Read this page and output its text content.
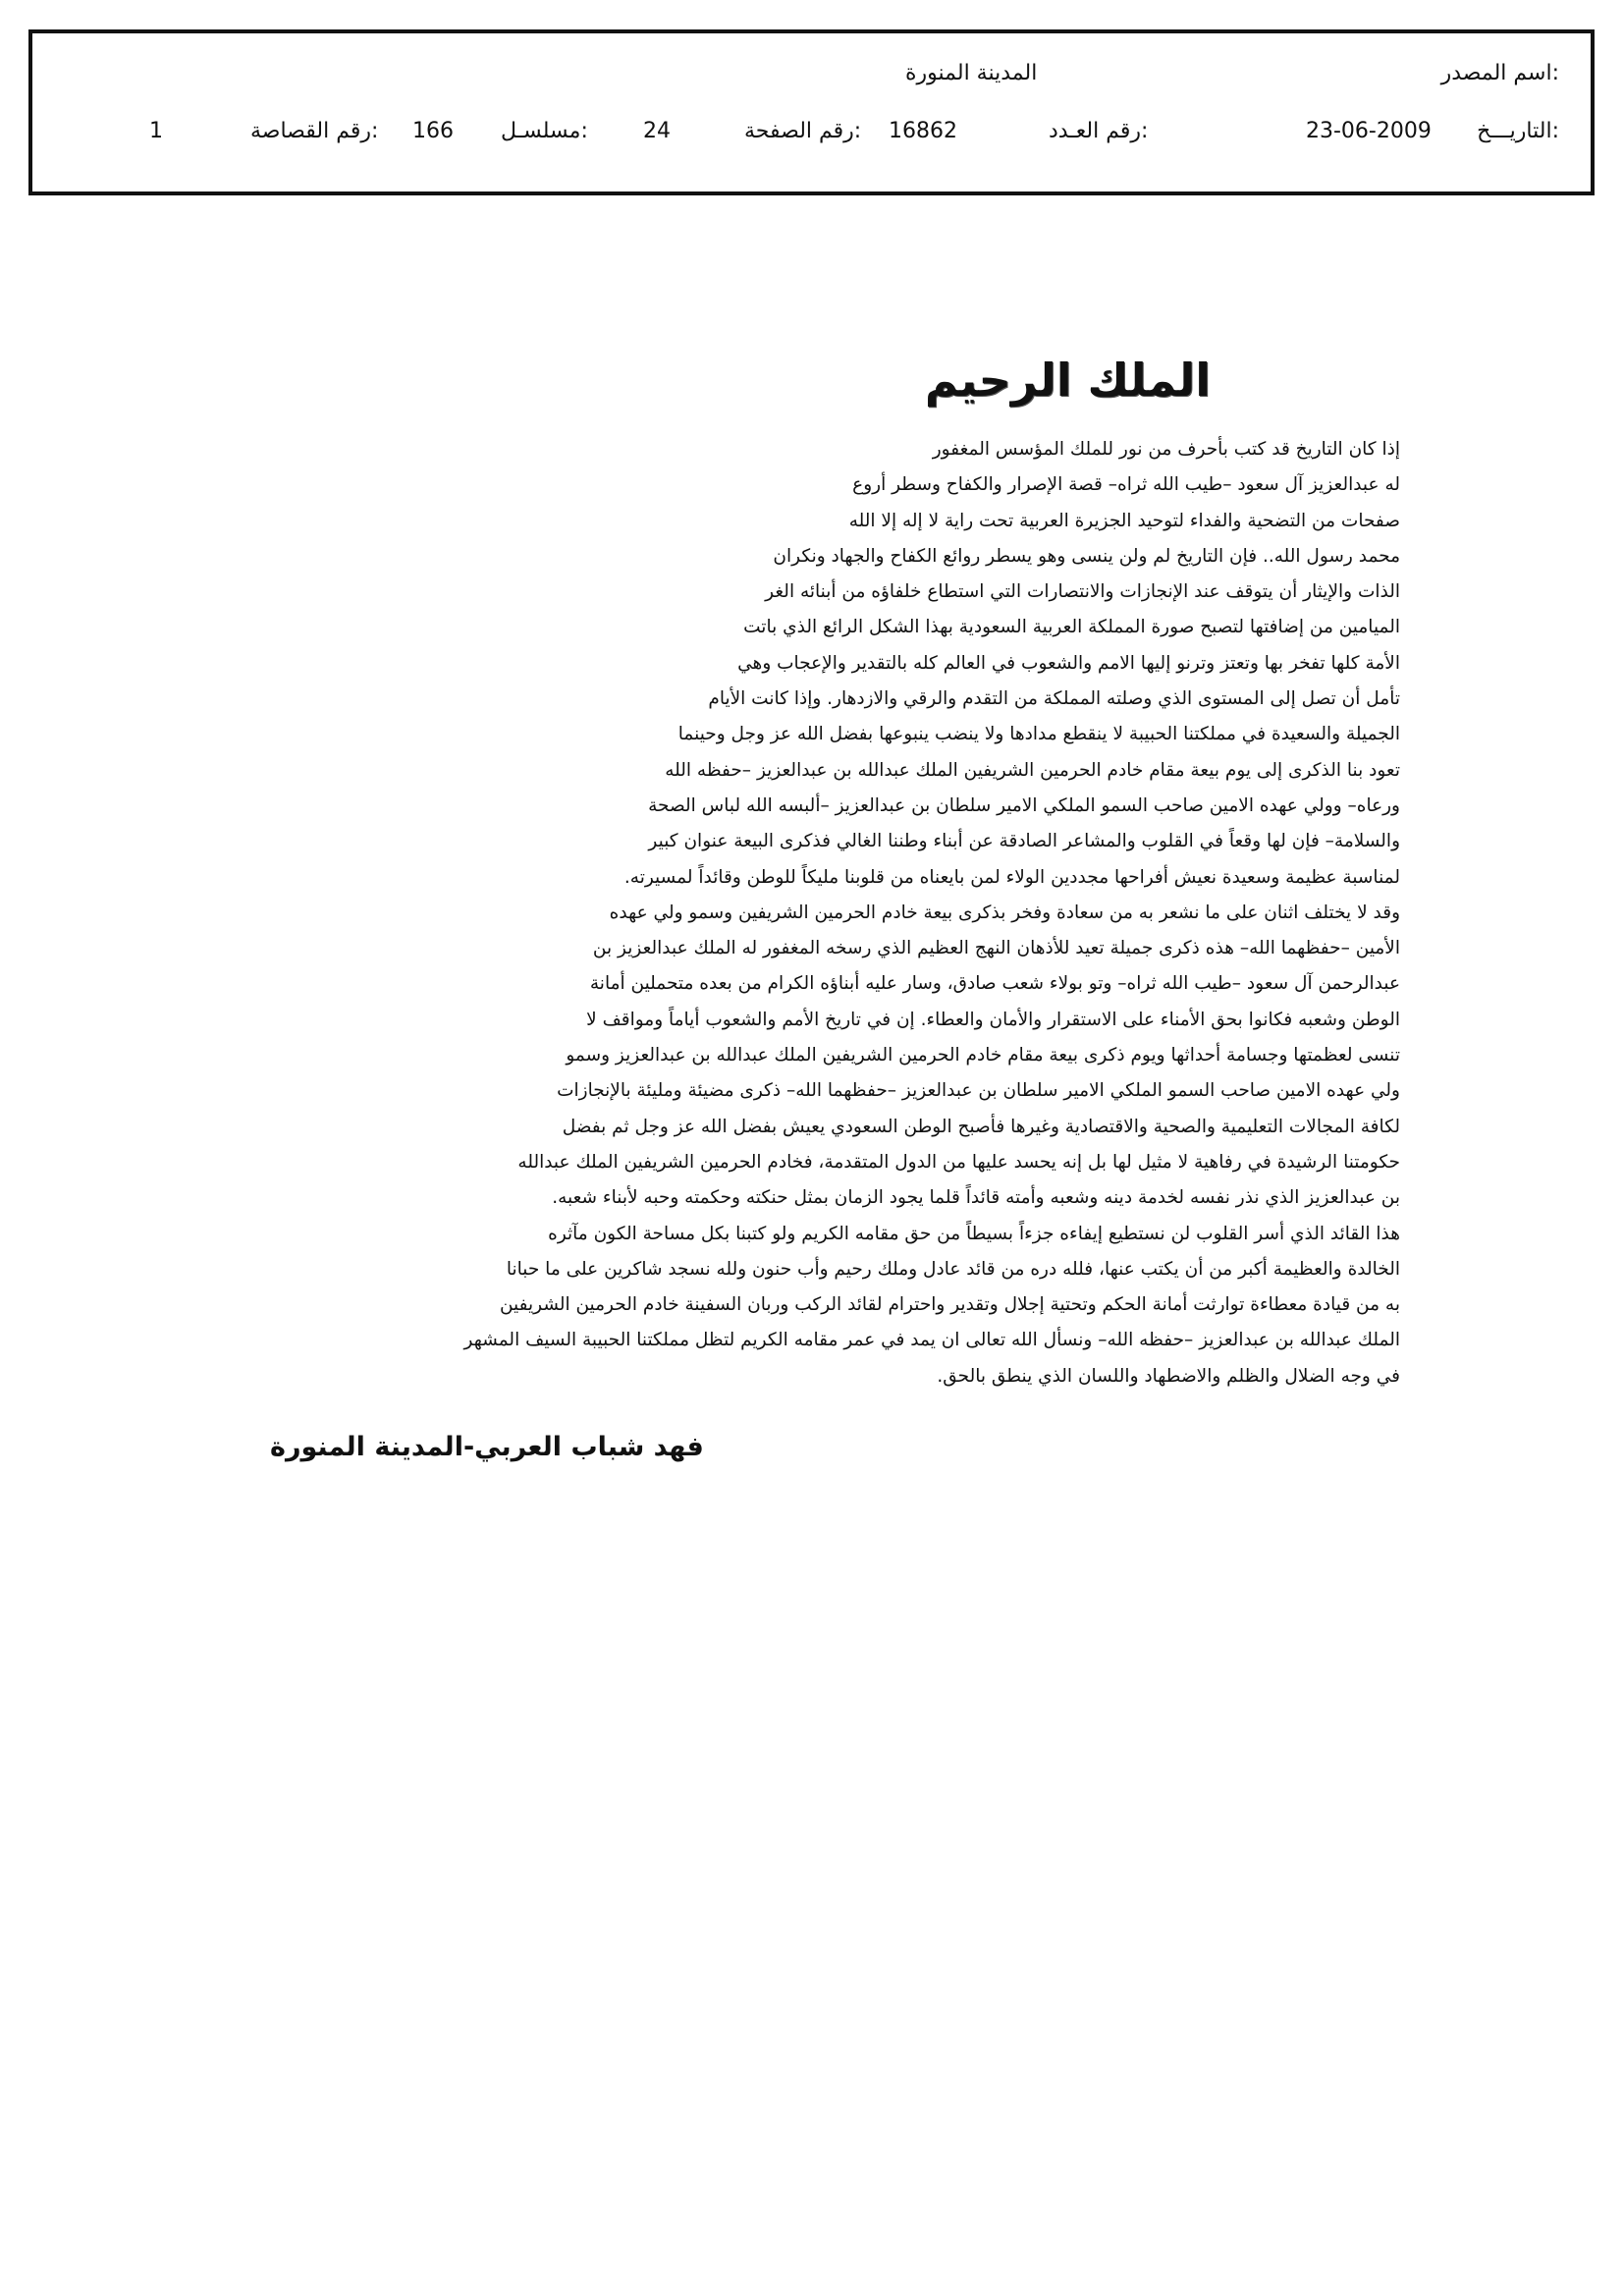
اسم المصدر:
المدينة المنورة
التاريـــخ:
23-06-2009
رقم العـدد:
16862
رقم الصفحة:
24
مسلسـل:
166
رقم القصاصة:
1
الملك الرحيم
إذا كان التاريخ قد كتب بأحرف من نور للملك المؤسس المغفور
له عبدالعزيز آل سعود –طيب الله ثراه– قصة الإصرار والكفاح وسطر أروع
صفحات من التضحية والفداء لتوحيد الجزيرة العربية تحت راية لا إله إلا الله
محمد رسول الله.. فإن التاريخ لم ولن ينسى وهو يسطر روائع الكفاح والجهاد ونكران
الذات والإيثار أن يتوقف عند الإنجازات والانتصارات التي استطاع خلفاؤه من أبنائه الغر
الميامين من إضافتها لتصبح صورة المملكة العربية السعودية بهذا الشكل الرائع الذي باتت
الأمة كلها تفخر بها وتعتز وترنو إليها الامم والشعوب في العالم كله بالتقدير والإعجاب وهي
تأمل أن تصل إلى المستوى الذي وصلته المملكة من التقدم والرقي والازدهار. وإذا كانت الأيام
الجميلة والسعيدة في مملكتنا الحبيبة لا ينقطع مدادها ولا ينضب ينبوعها بفضل الله عز وجل وحينما
تعود بنا الذكرى إلى يوم بيعة مقام خادم الحرمين الشريفين الملك عبدالله بن عبدالعزيز –حفظه الله
ورعاه– وولي عهده الامين صاحب السمو الملكي الامير سلطان بن عبدالعزيز –ألبسه الله لباس الصحة
والسلامة– فإن لها وقعاً في القلوب والمشاعر الصادقة عن أبناء وطننا الغالي فذكرى البيعة عنوان كبير
لمناسبة عظيمة وسعيدة نعيش أفراحها مجددين الولاء لمن بايعناه من قلوبنا مليكاً للوطن وقائداً لمسيرته.
وقد لا يختلف اثنان على ما نشعر به من سعادة وفخر بذكرى بيعة خادم الحرمين الشريفين وسمو ولي عهده
الأمين –حفظهما الله– هذه ذكرى جميلة تعيد للأذهان النهج العظيم الذي رسخه المغفور له الملك عبدالعزيز بن
عبدالرحمن آل سعود –طيب الله ثراه– وتو بولاء شعب صادق، وسار عليه أبناؤه الكرام من بعده متحملين أمانة
الوطن وشعبه فكانوا بحق الأمناء على الاستقرار والأمان والعطاء. إن في تاريخ الأمم والشعوب أياماً ومواقف لا
تنسى لعظمتها وجسامة أحداثها ويوم ذكرى بيعة مقام خادم الحرمين الشريفين الملك عبدالله بن عبدالعزيز وسمو
ولي عهده الامين صاحب السمو الملكي الامير سلطان بن عبدالعزيز –حفظهما الله– ذكرى مضيئة ومليئة بالإنجازات
لكافة المجالات التعليمية والصحية والاقتصادية وغيرها فأصبح الوطن السعودي يعيش بفضل الله عز وجل ثم بفضل
حكومتنا الرشيدة في رفاهية لا مثيل لها بل إنه يحسد عليها من الدول المتقدمة، فخادم الحرمين الشريفين الملك عبدالله
بن عبدالعزيز الذي نذر نفسه لخدمة دينه وشعبه وأمته قائداً قلما يجود الزمان بمثل حنكته وحكمته وحبه لأبناء شعبه.
هذا القائد الذي أسر القلوب لن نستطيع إيفاءه جزءاً بسيطاً من حق مقامه الكريم ولو كتبنا بكل مساحة الكون مآثره
الخالدة والعظيمة أكبر من أن يكتب عنها، فلله دره من قائد عادل وملك رحيم وأب حنون ولله نسجد شاكرين على ما حبانا
به من قيادة معطاءة توارثت أمانة الحكم وتحتية إجلال وتقدير واحترام لقائد الركب وربان السفينة خادم الحرمين الشريفين
الملك عبدالله بن عبدالعزيز –حفظه الله– ونسأل الله تعالى ان يمد في عمر مقامه الكريم لتظل مملكتنا الحبيبة السيف المشهر
في وجه الضلال والظلم والاضطهاد واللسان الذي ينطق بالحق.
فهد شباب العربي-المدينة المنورة
